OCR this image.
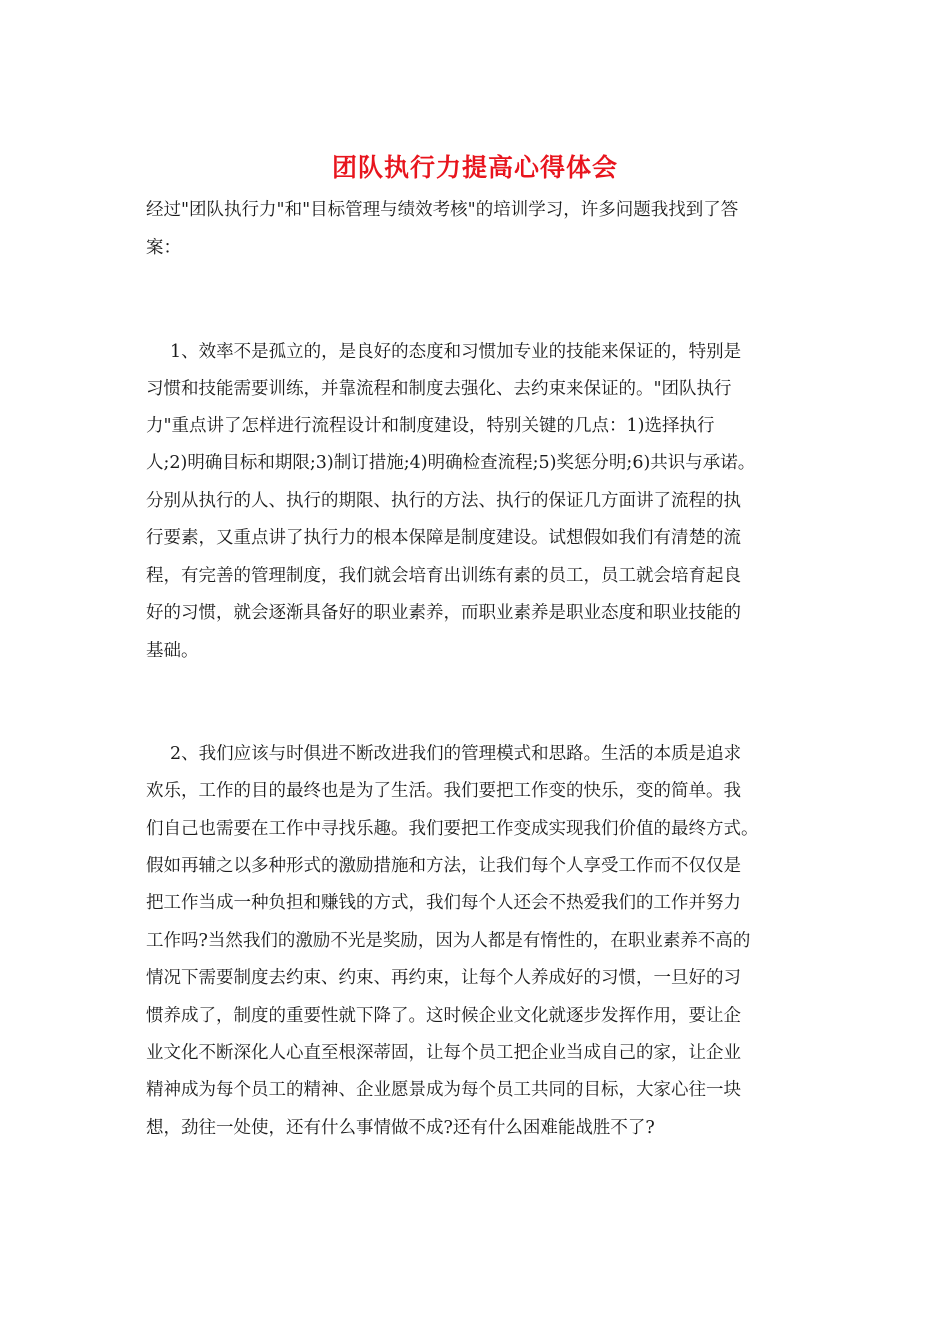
团队执行力提高心得体会
经过"团队执行力"和"目标管理与绩效考核"的培训学习，许多问题我找到了答
案：
1、效率不是孤立的，是良好的态度和习惯加专业的技能来保证的，特别是
习惯和技能需要训练，并靠流程和制度去强化、去约束来保证的。"团队执行
力"重点讲了怎样进行流程设计和制度建设，特别关键的几点：1)选择执行
人;2)明确目标和期限;3)制订措施;4)明确检查流程;5)奖惩分明;6)共识与承诺。
分别从执行的人、执行的期限、执行的方法、执行的保证几方面讲了流程的执
行要素，又重点讲了执行力的根本保障是制度建设。试想假如我们有清楚的流
程，有完善的管理制度，我们就会培育出训练有素的员工，员工就会培育起良
好的习惯，就会逐渐具备好的职业素养，而职业素养是职业态度和职业技能的
基础。
2、我们应该与时俱进不断改进我们的管理模式和思路。生活的本质是追求
欢乐，工作的目的最终也是为了生活。我们要把工作变的快乐，变的简单。我
们自己也需要在工作中寻找乐趣。我们要把工作变成实现我们价值的最终方式。
假如再辅之以多种形式的激励措施和方法，让我们每个人享受工作而不仅仅是
把工作当成一种负担和赚钱的方式，我们每个人还会不热爱我们的工作并努力
工作吗?当然我们的激励不光是奖励，因为人都是有惰性的，在职业素养不高的
情况下需要制度去约束、约束、再约束，让每个人养成好的习惯，一旦好的习
惯养成了，制度的重要性就下降了。这时候企业文化就逐步发挥作用，要让企
业文化不断深化人心直至根深蒂固，让每个员工把企业当成自己的家，让企业
精神成为每个员工的精神、企业愿景成为每个员工共同的目标，大家心往一块
想，劲往一处使，还有什么事情做不成?还有什么困难能战胜不了?
